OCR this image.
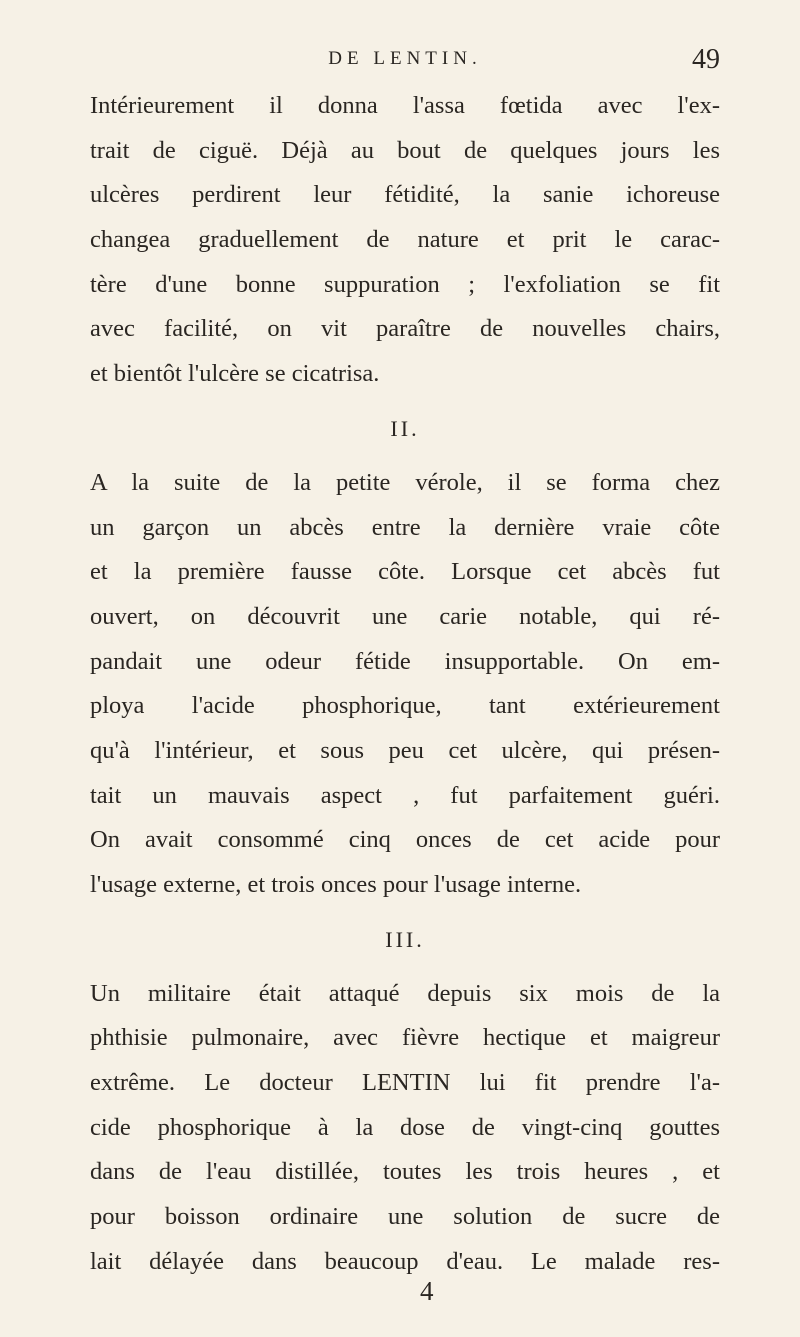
DE LENTIN.	49
Intérieurement il donna l'assa fœtida avec l'ex-
trait de ciguë. Déjà au bout de quelques jours les
ulcères perdirent leur fétidité, la sanie ichoreuse
changea graduellement de nature et prit le carac-
tère d'une bonne suppuration ; l'exfoliation se fit
avec facilité, on vit paraître de nouvelles chairs,
et bientôt l'ulcère se cicatrisa.
II.
A la suite de la petite vérole, il se forma chez
un garçon un abcès entre la dernière vraie côte
et la première fausse côte. Lorsque cet abcès fut
ouvert, on découvrit une carie notable, qui ré-
pandait une odeur fétide insupportable. On em-
ploya l'acide phosphorique, tant extérieurement
qu'à l'intérieur, et sous peu cet ulcère, qui présen-
tait un mauvais aspect , fut parfaitement guéri.
On avait consommé cinq onces de cet acide pour
l'usage externe, et trois onces pour l'usage interne.
III.
Un militaire était attaqué depuis six mois de la
phthisie pulmonaire, avec fièvre hectique et maigreur
extrême. Le docteur LENTIN lui fit prendre l'a-
cide phosphorique à la dose de vingt-cinq gouttes
dans de l'eau distillée, toutes les trois heures , et
pour boisson ordinaire une solution de sucre de
lait délayée dans beaucoup d'eau. Le malade res-
4
